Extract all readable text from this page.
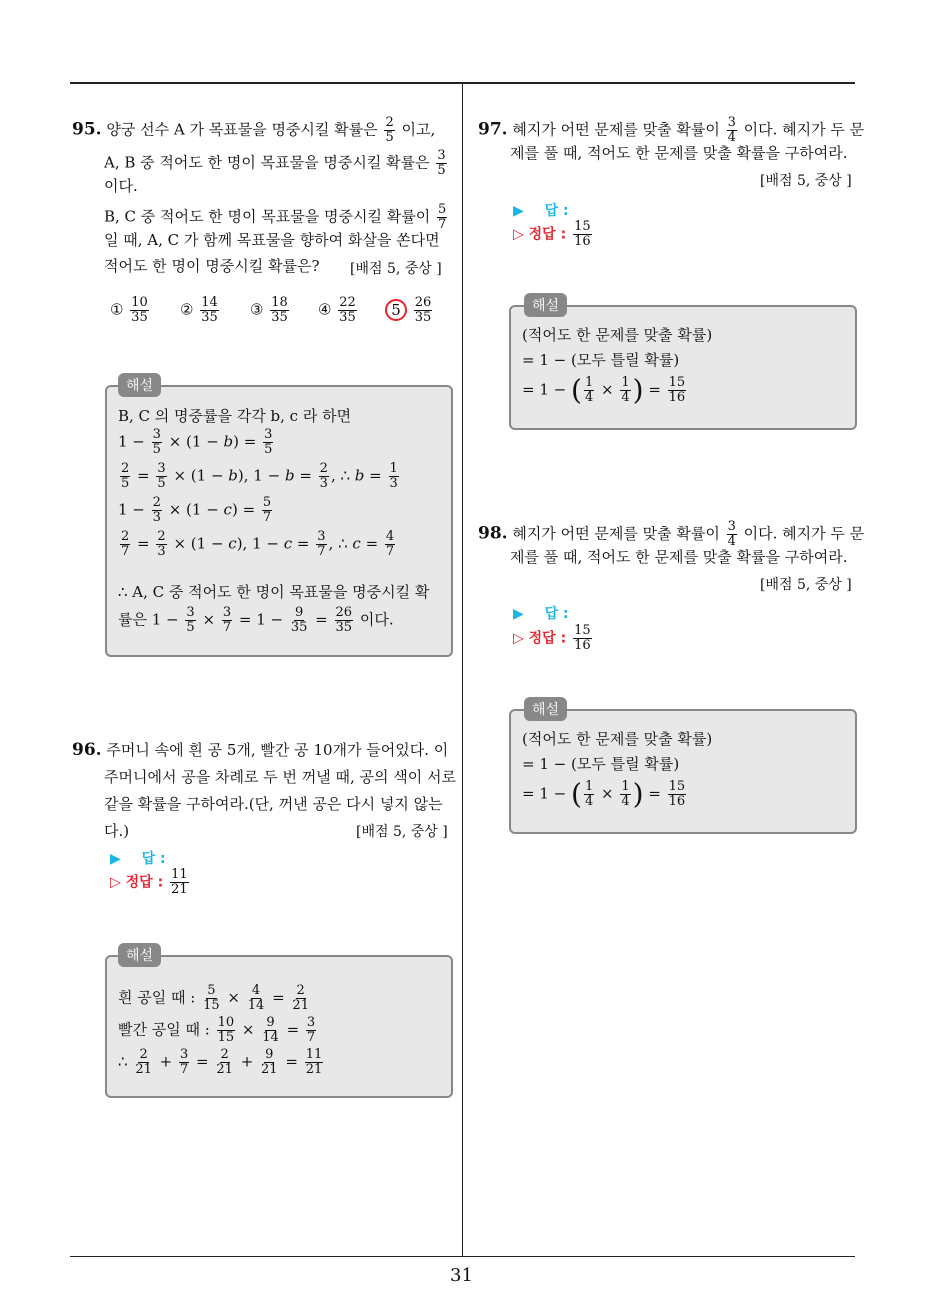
31
95. 양궁 선수 A 가 목표물을 명중시킬 확률은 $\frac{2}{5}$ 이고,
A, B 중 적어도 한 명이 목표물을 명중시킬 확률은 $\frac{3}{5}$
이다.
B, C 중 적어도 한 명이 목표물을 명중시킬 확률이 $\frac{5}{7}$
일 때, A, C 가 함께 목표물을 향하여 화살을 쏜다면
적어도 한 명이 명중시킬 확률은? [배점 5, 중상 ]
① $\frac{10}{35}$ ② $\frac{14}{35}$ ③ $\frac{18}{35}$ ④ $\frac{22}{35}$	$5 \frac{26}{35}$
해설
B, C 의 명중률을 각각 b, c 라 하면
$1 - \frac{3}{5} \times (1 - b) = \frac{3}{5}$
$\frac{2}{5} = \frac{3}{5} \times (1 - b)$, $1 - b = \frac{2}{3}$ , ∴ $b = \frac{1}{3}$
$1 - \frac{2}{3} \times (1 - c) = \frac{5}{7}$
$\frac{2}{7} = \frac{2}{3} \times (1 - c)$, $1 - c = \frac{3}{7}$ , ∴ $c = \frac{4}{7}$
∴ A, C 중 적어도 한 명이 목표물을 명중시킬 확
률은 $1 - \frac{3}{5} \times \frac{3}{7} = 1 - \frac{9}{35} = \frac{26}{35}$ 이다.
96. 주머니 속에 흰 공 5개, 빨간 공 10개가 들어있다. 이
주머니에서 공을 차례로 두 번 꺼낼 때, 공의 색이 서로
같을 확률을 구하여라.(단, 꺼낸 공은 다시 넣지 않는
다.)	[배점 5, 중상 ]
▶ 답 :
▷ 정답 : $\frac{11}{21}$
해설
흰 공일 때 : $\frac{5}{15} \times \frac{4}{14} = \frac{2}{21}$
빨간 공일 때 : $\frac{10}{15} \times \frac{9}{14} = \frac{3}{7}$
∴ $\frac{2}{21} + \frac{3}{7} = \frac{2}{21} + \frac{9}{21} = \frac{11}{21}$
97. 혜지가 어떤 문제를 맞출 확률이 $\frac{3}{4}$ 이다. 혜지가 두 문
제를 풀 때, 적어도 한 문제를 맞출 확률을 구하여라.
[배점 5, 중상 ]
▶ 답 :
▷ 정답 : $\frac{15}{16}$
해설
(적어도 한 문제를 맞출 확률)
= 1 − (모두 틀릴 확률)
= 1 − ( $\frac{1}{4} \times \frac{1}{4}$ ) = $\frac{15}{16}$
98. 혜지가 어떤 문제를 맞출 확률이 $\frac{3}{4}$ 이다. 혜지가 두 문
제를 풀 때, 적어도 한 문제를 맞출 확률을 구하여라.
[배점 5, 중상 ]
▶ 답 :
▷ 정답 : $\frac{15}{16}$
해설
(적어도 한 문제를 맞출 확률)
= 1 − (모두 틀릴 확률)
= 1 − ( $\frac{1}{4} \times \frac{1}{4}$ ) = $\frac{15}{16}$
